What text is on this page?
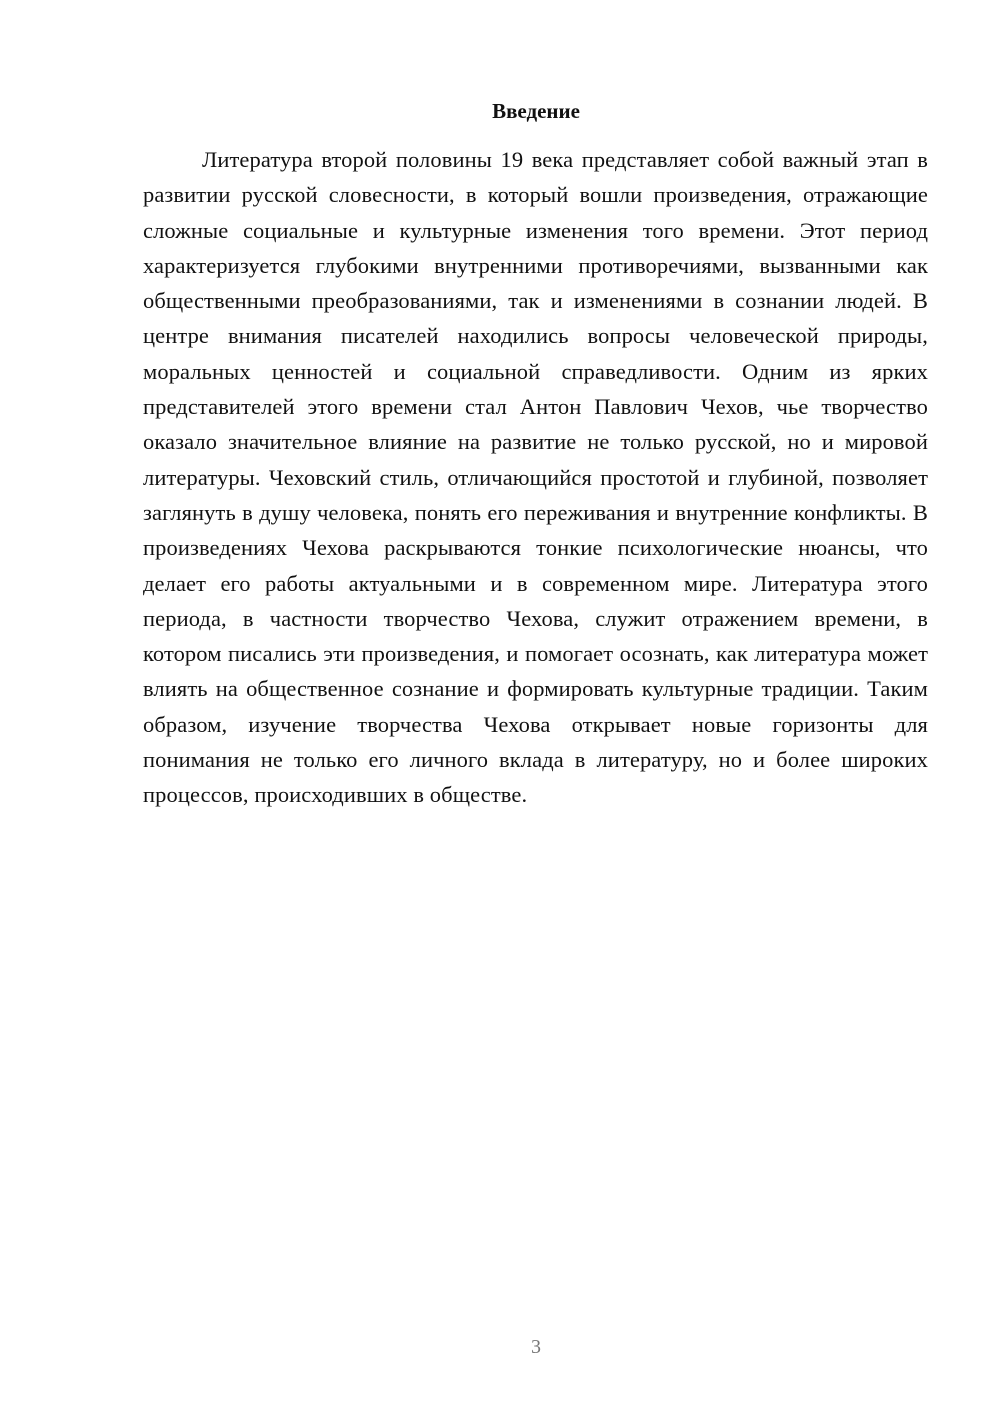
Введение

Литература второй половины 19 века представляет собой важный этап в развитии русской словесности, в который вошли произведения, отражающие сложные социальные и культурные изменения того времени. Этот период характеризуется глубокими внутренними противоречиями, вызванными как общественными преобразованиями, так и изменениями в сознании людей. В центре внимания писателей находились вопросы человеческой природы, моральных ценностей и социальной справедливости. Одним из ярких представителей этого времени стал Антон Павлович Чехов, чье творчество оказало значительное влияние на развитие не только русской, но и мировой литературы. Чеховский стиль, отличающийся простотой и глубиной, позволяет заглянуть в душу человека, понять его переживания и внутренние конфликты. В произведениях Чехова раскрываются тонкие психологические нюансы, что делает его работы актуальными и в современном мире. Литература этого периода, в частности творчество Чехова, служит отражением времени, в котором писались эти произведения, и помогает осознать, как литература может влиять на общественное сознание и формировать культурные традиции. Таким образом, изучение творчества Чехова открывает новые горизонты для понимания не только его личного вклада в литературу, но и более широких процессов, происходивших в обществе.

3
